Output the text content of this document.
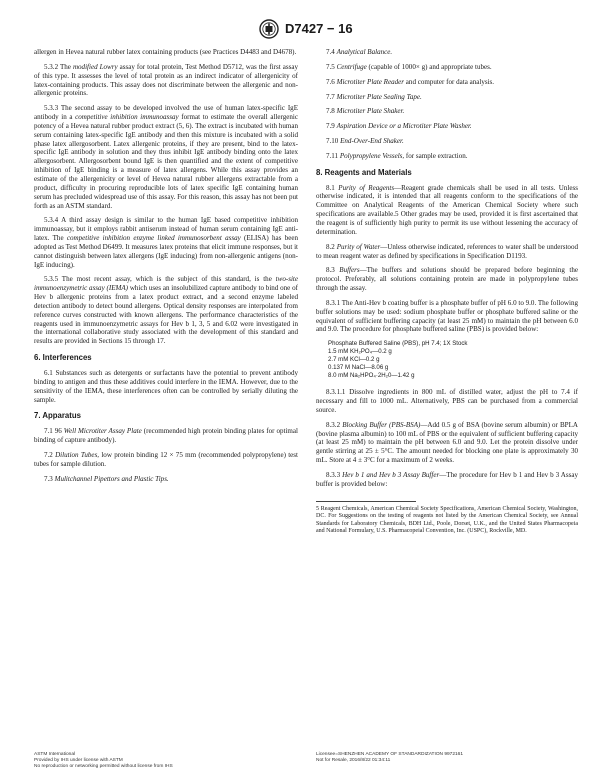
D7427 − 16

allergen in Hevea natural rubber latex containing products (see Practices D4483 and D4678).

5.3.2 The modified Lowry assay for total protein, Test Method D5712, was the first assay of this type. It assesses the level of total protein as an indirect indicator of allergenicity of latex-containing products. This assay does not discriminate between the allergenic and non-allergenic proteins.

5.3.3 The second assay to be developed involved the use of human latex-specific IgE antibody in a competitive inhibition immunoassay format to estimate the overall allergenic potency of a Hevea natural rubber product extract (5, 6). The extract is incubated with human serum containing latex-specific IgE antibody and then this mixture is incubated with a solid phase latex allergosorbent. Latex allergenic proteins, if they are present, bind to the latex-specific IgE antibody in solution and they thus inhibit IgE antibody binding onto the latex allergosorbent. Allergosorbent bound IgE is then quantified and the extent of competitive inhibition of IgE binding is a measure of latex allergens. While this assay provides an estimate of the allergenicity or level of Hevea natural rubber allergens extractable from a product, difficulty in procuring reproducible lots of latex specific IgE containing human serum has precluded widespread use of this assay. For this reason, this assay has not been put forth as an ASTM standard.

5.3.4 A third assay design is similar to the human IgE based competitive inhibition immunoassay, but it employs rabbit antiserum instead of human serum containing IgE anti-latex. The competitive inhibition enzyme linked immunosorbent assay (ELISA) has been adopted as Test Method D6499. It measures latex proteins that elicit immune responses, but it cannot distinguish between latex allergens (IgE inducing) from non-allergenic antigens (non-IgE inducing).

5.3.5 The most recent assay, which is the subject of this standard, is the two-site immunoenzymetric assay (IEMA) which uses an insolubilized capture antibody to bind one of Hev b allergenic proteins from a latex product extract, and a second enzyme labeled detection antibody to detect bound allergens. Optical density responses are interpolated from reference curves constructed with known allergens. The performance characteristics of the reagents used in immunoenzymetric assays for Hev b 1, 3, 5 and 6.02 were investigated in the international collaborative study associated with the development of this standard and results are provided in Sections 15 through 17.

6. Interferences

6.1 Substances such as detergents or surfactants have the potential to prevent antibody binding to antigen and thus these additives could interfere in the IEMA. However, due to the sensitivity of the IEMA, these interferences often can be controlled by serially diluting the sample.

7. Apparatus

7.1 96 Well Microtiter Assay Plate (recommended high protein binding plates for optimal binding of capture antibody).

7.2 Dilution Tubes, low protein binding 12 × 75 mm (recommended polypropylene) test tubes for sample dilution.

7.3 Mulitchannel Pipettors and Plastic Tips.

7.4 Analytical Balance.

7.5 Centrifuge (capable of 1000× g) and appropriate tubes.

7.6 Microtiter Plate Reader and computer for data analysis.

7.7 Microtiter Plate Sealing Tape.

7.8 Microtiter Plate Shaker.

7.9 Aspiration Device or a Microtiter Plate Washer.

7.10 End-Over-End Shaker.

7.11 Polypropylene Vessels, for sample extraction.

8. Reagents and Materials

8.1 Purity of Reagents—Reagent grade chemicals shall be used in all tests. Unless otherwise indicated, it is intended that all reagents conform to the specifications of the Committee on Analytical Reagents of the American Chemical Society where such specifications are available.5 Other grades may be used, provided it is first ascertained that the reagent is of sufficiently high purity to permit its use without lessening the accuracy of determination.

8.2 Purity of Water—Unless otherwise indicated, references to water shall be understood to mean reagent water as defined by specifications in Specification D1193.

8.3 Buffers—The buffers and solutions should be prepared before beginning the protocol. Preferably, all solutions containing protein are made in polypropylene tubes through the assay.

8.3.1 The Anti-Hev b coating buffer is a phosphate buffer of pH 6.0 to 9.0. The following buffer solutions may be used: sodium phosphate buffer or phosphate buffered saline or the equivalent of sufficient buffering capacity (at least 25 mM) to maintain the pH between 6.0 and 9.0. The procedure for phosphate buffered saline (PBS) is provided below:

Phosphate Buffered Saline (PBS), pH 7.4; 1X Stock
1.5 mM KH₂PO₄—0.2 g
2.7 mM KCl—0.2 g
0.137 M NaCl—8.06 g
8.0 mM Na₂HPO₄·2H₂0—1.42 g

8.3.1.1 Dissolve ingredients in 800 mL of distilled water, adjust the pH to 7.4 if necessary and fill to 1000 mL. Alternatively, PBS can be purchased from a commercial source.

8.3.2 Blocking Buffer (PBS-BSA)—Add 0.5 g of BSA (bovine serum albumin) or BPLA (bovine plasma albumin) to 100 mL of PBS or the equivalent of sufficient buffering capacity (at least 25 mM) to maintain the pH between 6.0 and 9.0. Let the protein dissolve under gentle stirring at 25 ± 5°C. The amount needed for blocking one plate is approximately 30 mL. Store at 4 ± 3°C for a maximum of 2 weeks.

8.3.3 Hev b 1 and Hev b 3 Assay Buffer—The procedure for Hev b 1 and Hev b 3 Assay buffer is provided below:

5 Reagent Chemicals, American Chemical Society Specifications, American Chemical Society, Washington, DC. For Suggestions on the testing of reagents not listed by the American Chemical Society, see Annual Standards for Laboratory Chemicals, BDH Ltd., Poole, Dorset, U.K., and the United States Pharmacopeia and National Formulary, U.S. Pharmacopeial Convention, Inc. (USPC), Rockville, MD.

ASTM International
Provided by IHS under license with ASTM
No reproduction or networking permitted without license from IHS
Licensee=SHENZHEN ACADEMY OF STANDARDIZATION 9972161
Not for Resale, 2016/8/22 01:34:11
